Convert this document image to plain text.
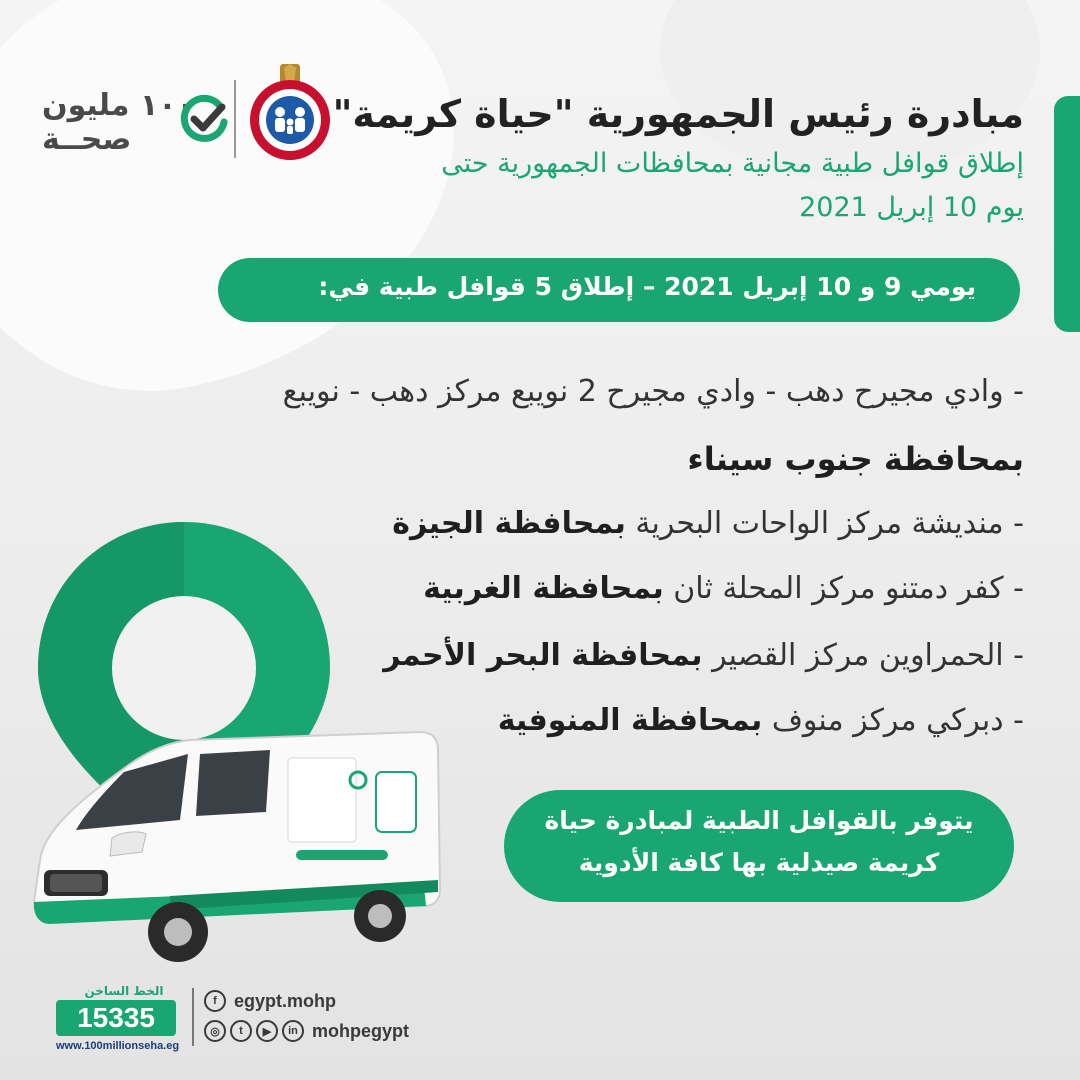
١٠٠ مليون
صحــة
مبادرة رئيس الجمهورية "حياة كريمة"
إطلاق قوافل طبية مجانية بمحافظات الجمهورية حتى
يوم 10 إبريل 2021
يومي 9 و 10 إبريل 2021 – إطلاق 5 قوافل طبية في:
- وادي مجيرح دهب - وادي مجيرح 2 نويبع مركز دهب - نويبع
بمحافظة جنوب سيناء
- منديشة مركز الواحات البحرية بمحافظة الجيزة
- كفر دمتنو مركز المحلة ثان بمحافظة الغربية
- الحمراوين مركز القصير بمحافظة البحر الأحمر
- دبركي مركز منوف بمحافظة المنوفية
يتوفر بالقوافل الطبية لمبادرة حياة
كريمة صيدلية بها كافة الأدوية
الخط الساخن
15335
www.100millionseha.eg
f egypt.mohp
◎	t	▶	in mohpegypt
